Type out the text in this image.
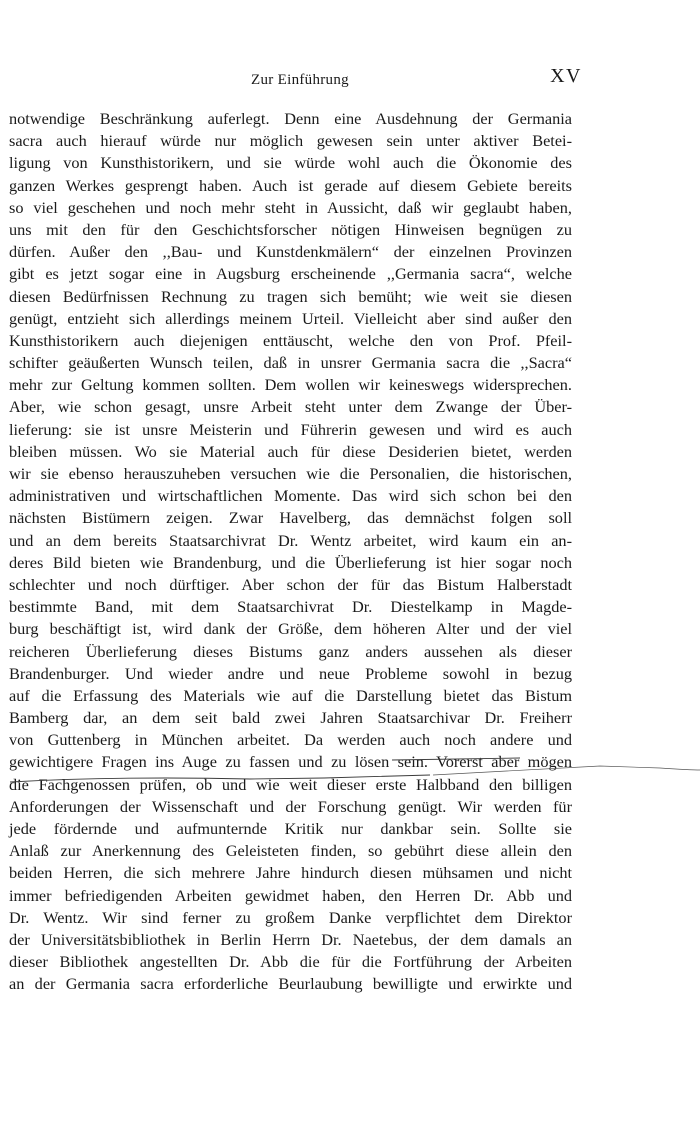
Zur Einführung	XV
notwendige Beschränkung auferlegt. Denn eine Ausdehnung der Germania
sacra auch hierauf würde nur möglich gewesen sein unter aktiver Betei-
ligung von Kunsthistorikern, und sie würde wohl auch die Ökonomie des
ganzen Werkes gesprengt haben. Auch ist gerade auf diesem Gebiete bereits
so viel geschehen und noch mehr steht in Aussicht, daß wir geglaubt haben,
uns mit den für den Geschichtsforscher nötigen Hinweisen begnügen zu
dürfen. Außer den ,,Bau- und Kunstdenkmälern“ der einzelnen Provinzen
gibt es jetzt sogar eine in Augsburg erscheinende ,,Germania sacra“, welche
diesen Bedürfnissen Rechnung zu tragen sich bemüht; wie weit sie diesen
genügt, entzieht sich allerdings meinem Urteil. Vielleicht aber sind außer den
Kunsthistorikern auch diejenigen enttäuscht, welche den von Prof. Pfeil-
schifter geäußerten Wunsch teilen, daß in unsrer Germania sacra die ,,Sacra“
mehr zur Geltung kommen sollten. Dem wollen wir keineswegs widersprechen.
Aber, wie schon gesagt, unsre Arbeit steht unter dem Zwange der Über-
lieferung: sie ist unsre Meisterin und Führerin gewesen und wird es auch
bleiben müssen. Wo sie Material auch für diese Desiderien bietet, werden
wir sie ebenso herauszuheben versuchen wie die Personalien, die historischen,
administrativen und wirtschaftlichen Momente. Das wird sich schon bei den
nächsten Bistümern zeigen. Zwar Havelberg, das demnächst folgen soll
und an dem bereits Staatsarchivrat Dr. Wentz arbeitet, wird kaum ein an-
deres Bild bieten wie Brandenburg, und die Überlieferung ist hier sogar noch
schlechter und noch dürftiger. Aber schon der für das Bistum Halberstadt
bestimmte Band, mit dem Staatsarchivrat Dr. Diestelkamp in Magde-
burg beschäftigt ist, wird dank der Größe, dem höheren Alter und der viel
reicheren Überlieferung dieses Bistums ganz anders aussehen als dieser
Brandenburger. Und wieder andre und neue Probleme sowohl in bezug
auf die Erfassung des Materials wie auf die Darstellung bietet das Bistum
Bamberg dar, an dem seit bald zwei Jahren Staatsarchivar Dr. Freiherr
von Guttenberg in München arbeitet. Da werden auch noch andere und
gewichtigere Fragen ins Auge zu fassen und zu lösen sein. Vorerst aber mögen
die Fachgenossen prüfen, ob und wie weit dieser erste Halbband den billigen
Anforderungen der Wissenschaft und der Forschung genügt. Wir werden für
jede fördernde und aufmunternde Kritik nur dankbar sein. Sollte sie
Anlaß zur Anerkennung des Geleisteten finden, so gebührt diese allein den
beiden Herren, die sich mehrere Jahre hindurch diesen mühsamen und nicht
immer befriedigenden Arbeiten gewidmet haben, den Herren Dr. Abb und
Dr. Wentz. Wir sind ferner zu großem Danke verpflichtet dem Direktor
der Universitätsbibliothek in Berlin Herrn Dr. Naetebus, der dem damals an
dieser Bibliothek angestellten Dr. Abb die für die Fortführung der Arbeiten
an der Germania sacra erforderliche Beurlaubung bewilligte und erwirkte und
